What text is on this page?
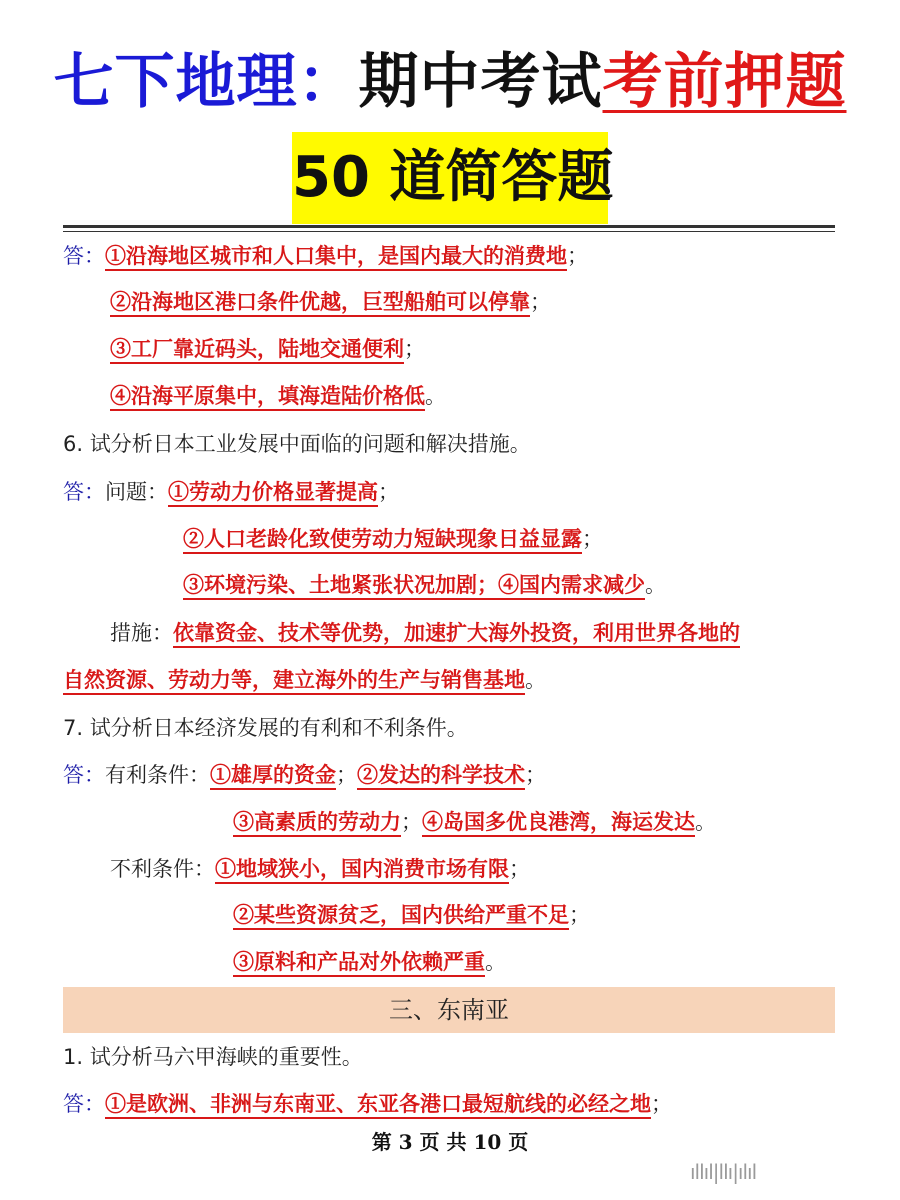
七下地理：期中考试考前押题
50 道简答题
答：①沿海地区城市和人口集中，是国内最大的消费地；
②沿海地区港口条件优越，巨型船舶可以停靠；
③工厂靠近码头，陆地交通便利；
④沿海平原集中，填海造陆价格低。
6. 试分析日本工业发展中面临的问题和解决措施。
答：问题：①劳动力价格显著提高；
②人口老龄化致使劳动力短缺现象日益显露；
③环境污染、土地紧张状况加剧；④国内需求减少。
措施：依靠资金、技术等优势，加速扩大海外投资，利用世界各地的
自然资源、劳动力等，建立海外的生产与销售基地。
7. 试分析日本经济发展的有利和不利条件。
答：有利条件：①雄厚的资金；②发达的科学技术；
③高素质的劳动力；④岛国多优良港湾，海运发达。
不利条件：①地域狭小，国内消费市场有限；
②某些资源贫乏，国内供给严重不足；
③原料和产品对外依赖严重。
三、东南亚
1. 试分析马六甲海峡的重要性。
答：①是欧洲、非洲与东南亚、东亚各港口最短航线的必经之地；
第 3 页 共 10 页
ıllıl|llı|ılıl
